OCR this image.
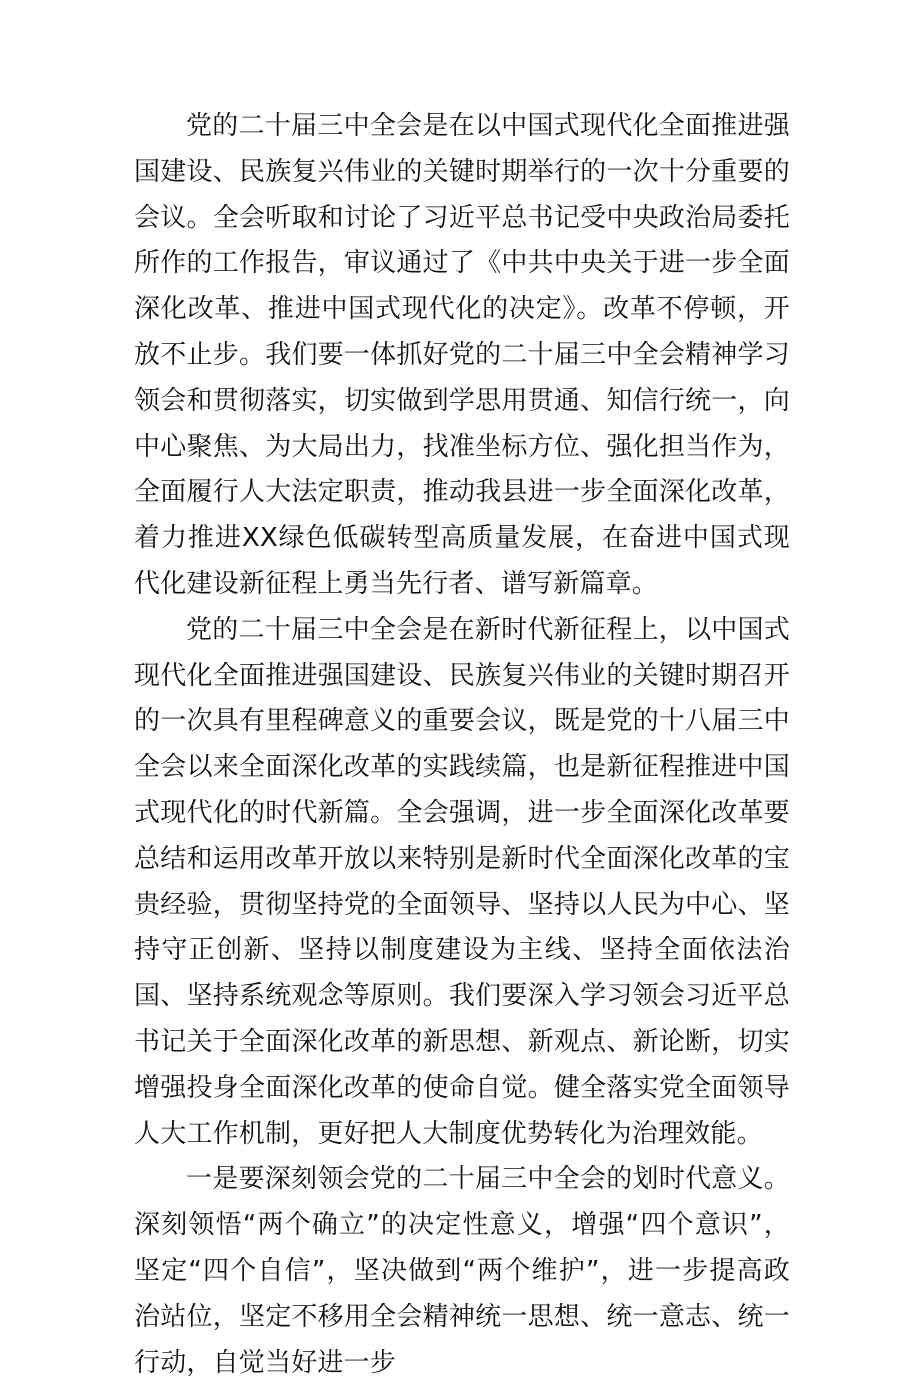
党的二十届三中全会是在以中国式现代化全面推进强国建设、民族复兴伟业的关键时期举行的一次十分重要的会议。全会听取和讨论了习近平总书记受中央政治局委托所作的工作报告，审议通过了《中共中央关于进一步全面深化改革、推进中国式现代化的决定》。改革不停顿，开放不止步。我们要一体抓好党的二十届三中全会精神学习领会和贯彻落实，切实做到学思用贯通、知信行统一，向中心聚焦、为大局出力，找准坐标方位、强化担当作为，全面履行人大法定职责，推动我县进一步全面深化改革，着力推进XX绿色低碳转型高质量发展，在奋进中国式现代化建设新征程上勇当先行者、谱写新篇章。

党的二十届三中全会是在新时代新征程上，以中国式现代化全面推进强国建设、民族复兴伟业的关键时期召开的一次具有里程碑意义的重要会议，既是党的十八届三中全会以来全面深化改革的实践续篇，也是新征程推进中国式现代化的时代新篇。全会强调，进一步全面深化改革要总结和运用改革开放以来特别是新时代全面深化改革的宝贵经验，贯彻坚持党的全面领导、坚持以人民为中心、坚持守正创新、坚持以制度建设为主线、坚持全面依法治国、坚持系统观念等原则。我们要深入学习领会习近平总书记关于全面深化改革的新思想、新观点、新论断，切实增强投身全面深化改革的使命自觉。健全落实党全面领导人大工作机制，更好把人大制度优势转化为治理效能。

一是要深刻领会党的二十届三中全会的划时代意义。深刻领悟“两个确立”的决定性意义，增强“四个意识”，坚定“四个自信”，坚决做到“两个维护”，进一步提高政治站位，坚定不移用全会精神统一思想、统一意志、统一行动，自觉当好进一步
